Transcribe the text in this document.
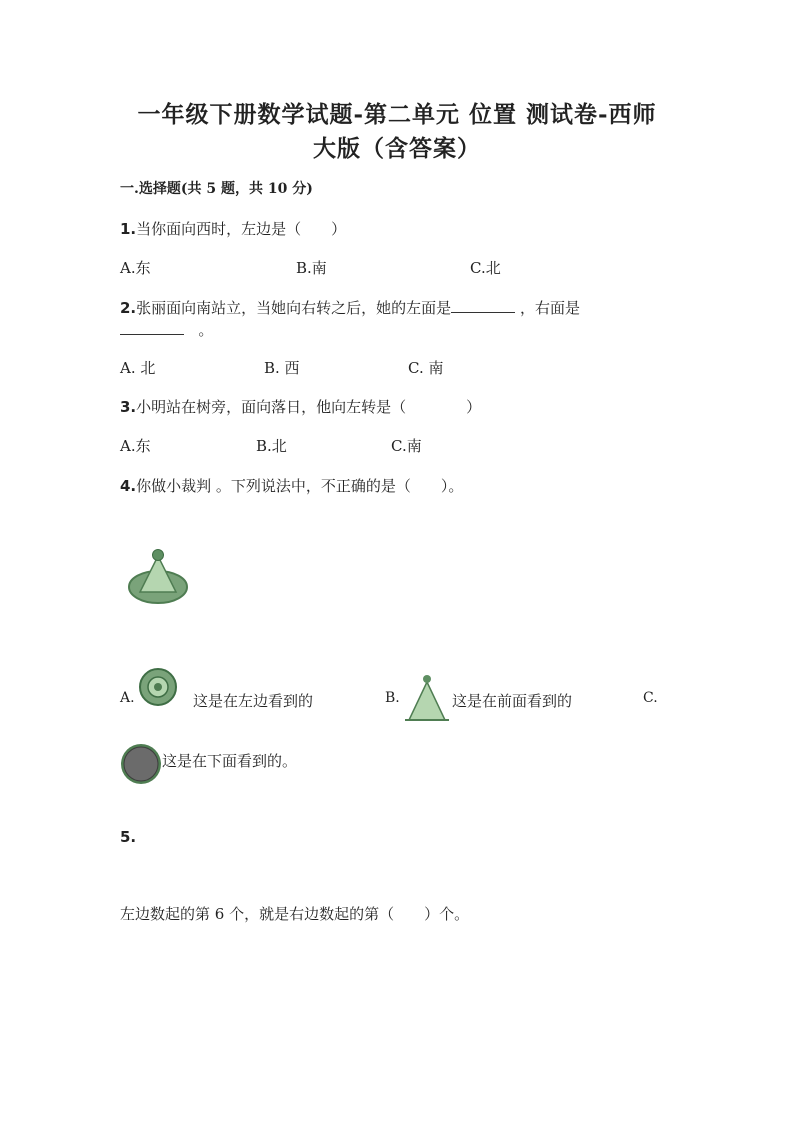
一年级下册数学试题-第二单元 位置 测试卷-西师
大版（含答案）
一.选择题(共 5 题，共 10 分)
1.当你面向西时，左边是（　　）
A.东	B.南	C.北
2.张丽面向南站立，当她向右转之后，她的左面是	，右面是
。
A. 北	B. 西	C. 南
3.小明站在树旁，面向落日，他向左转是（　　　　）
A.东	B.北	C.南
4.你做小裁判 。下列说法中，不正确的是（　　）。
A.	这是在左边看到的	B.	这是在前面看到的	C.
这是在下面看到的。
5.
左边数起的第 6 个，就是右边数起的第（　　）个。
